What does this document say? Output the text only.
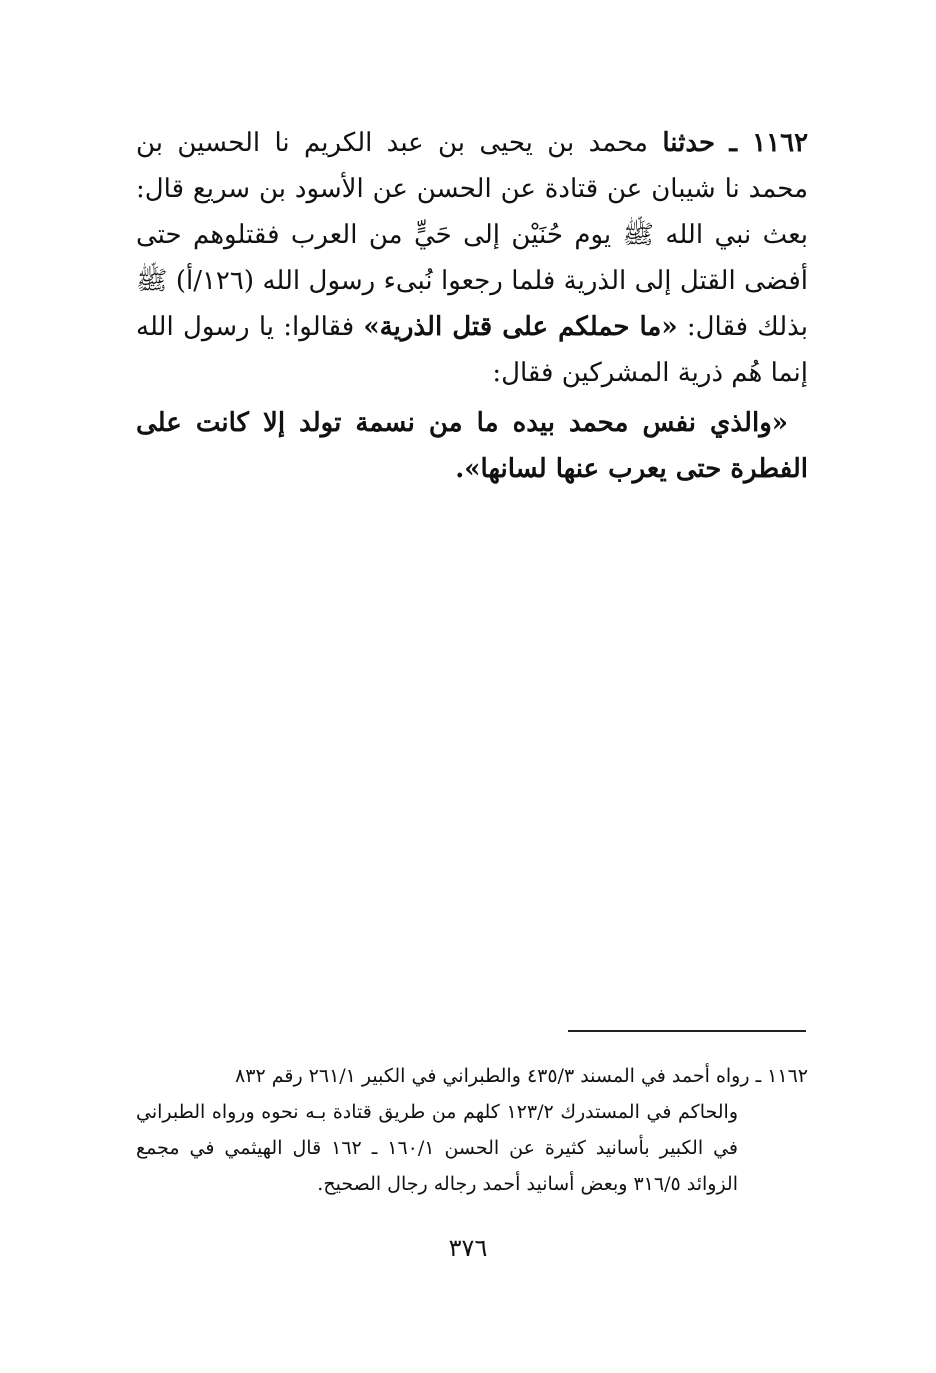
١١٦٢ ـ حدثنا محمد بن يحيى بن عبد الكريم نا الحسين بن محمد نا شيبان عن قتادة عن الحسن عن الأسود بن سريع قال: بعث نبي الله ﷺ يوم حُنَيْن إلى حَيٍّ من العرب فقتلوهم حتى أفضى القتل إلى الذرية فلما رجعوا نُبىء رسول الله (١٢٦/أ) ﷺ بذلك فقال: «ما حملكم على قتل الذرية» فقالوا: يا رسول الله إنما هُم ذرية المشركين فقال:

«والذي نفس محمد بيده ما من نسمة تولد إلا كانت على الفطرة حتى يعرب عنها لسانها».

١١٦٢ ـ رواه أحمد في المسند ٤٣٥/٣ والطبراني في الكبير ٢٦١/١ رقم ٨٣٢

والحاكم في المستدرك ١٢٣/٢ كلهم من طريق قتادة بـه نحوه ورواه الطبراني في الكبير بأسانيد كثيرة عن الحسن ١٦٠/١ ـ ١٦٢ قال الهيثمي في مجمع الزوائد ٣١٦/٥ وبعض أسانيد أحمد رجاله رجال الصحيح.

٣٧٦
